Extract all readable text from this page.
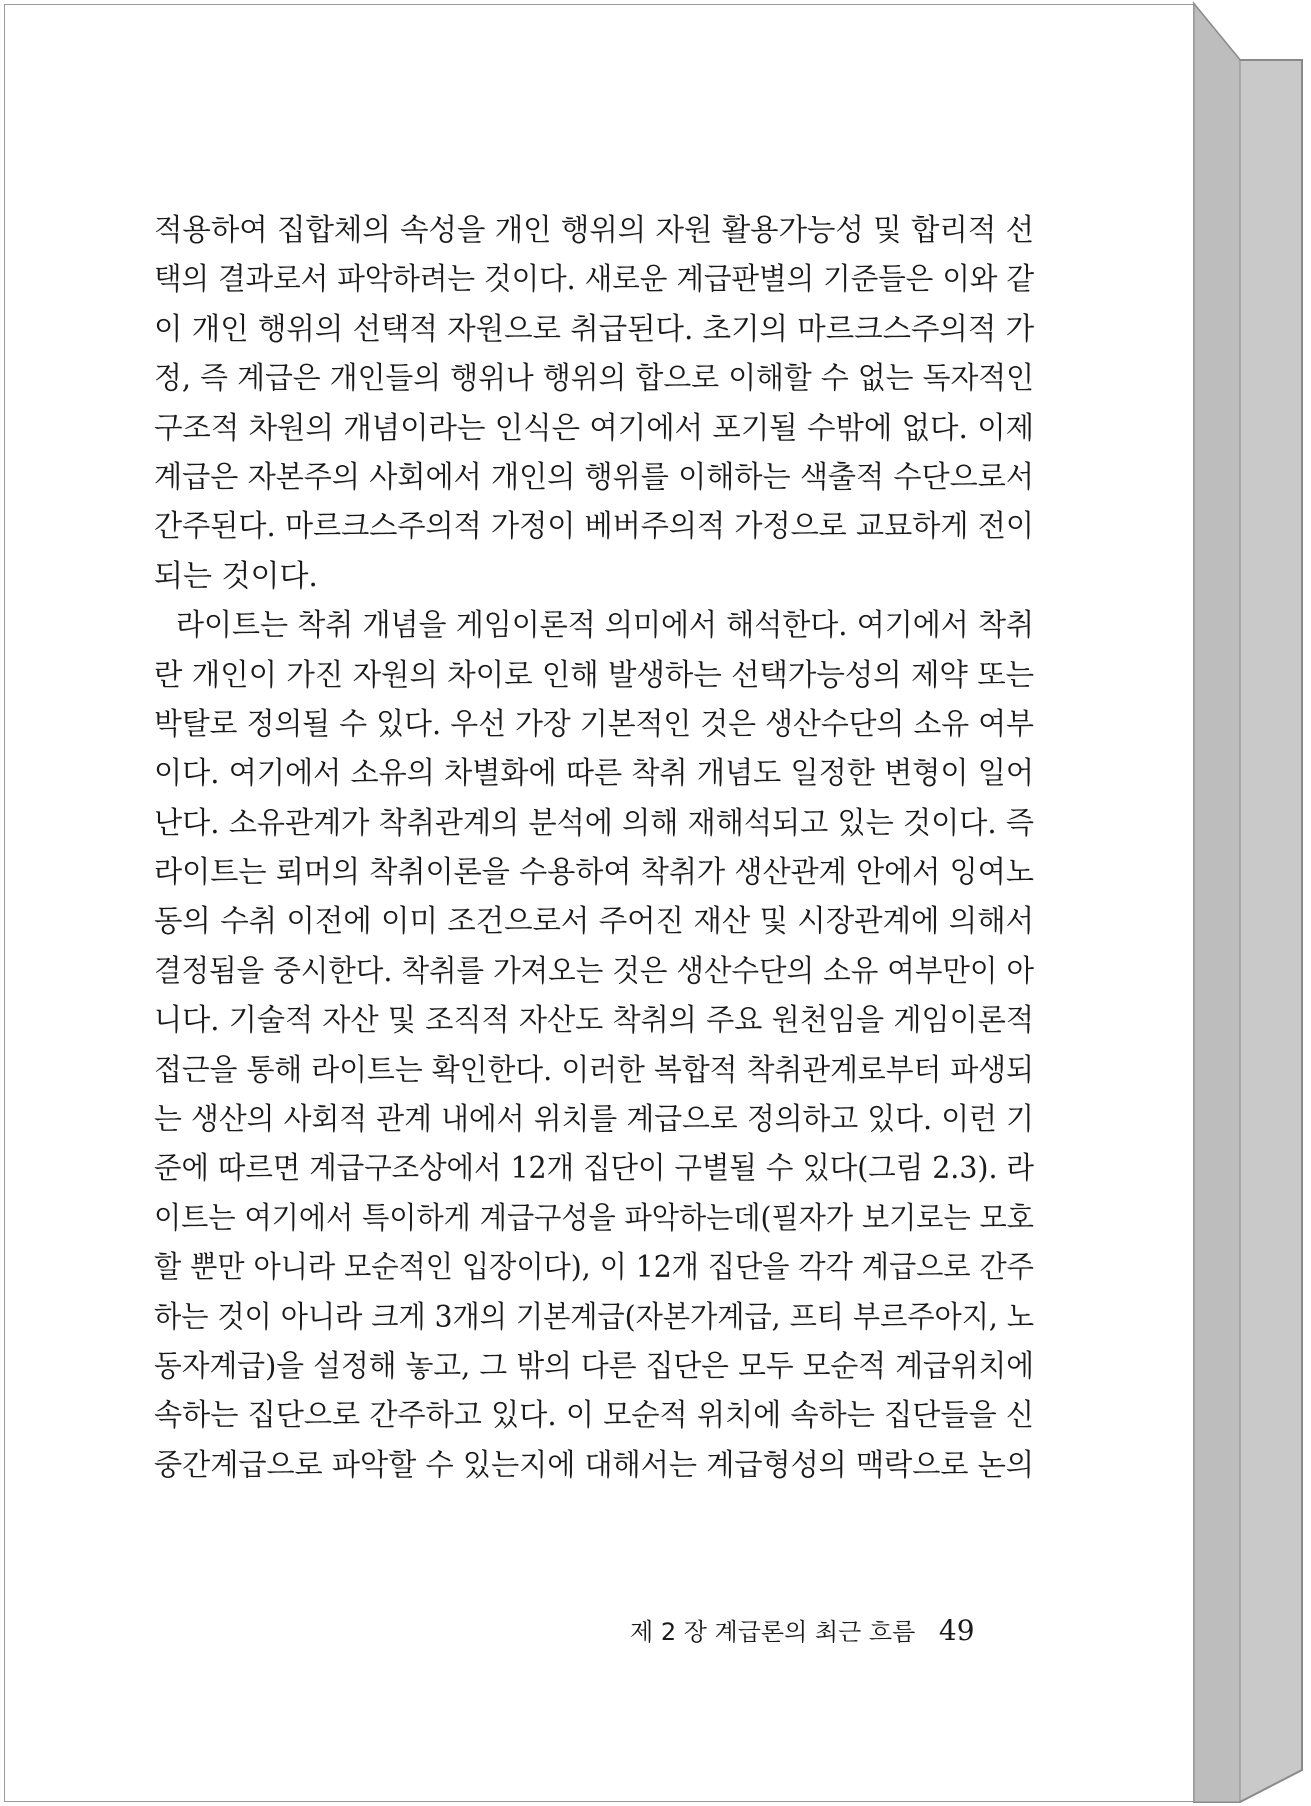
적용하여 집합체의 속성을 개인 행위의 자원 활용가능성 및 합리적 선
택의 결과로서 파악하려는 것이다. 새로운 계급판별의 기준들은 이와 같
이 개인 행위의 선택적 자원으로 취급된다. 초기의 마르크스주의적 가
정, 즉 계급은 개인들의 행위나 행위의 합으로 이해할 수 없는 독자적인
구조적 차원의 개념이라는 인식은 여기에서 포기될 수밖에 없다. 이제
계급은 자본주의 사회에서 개인의 행위를 이해하는 색출적 수단으로서
간주된다. 마르크스주의적 가정이 베버주의적 가정으로 교묘하게 전이
되는 것이다.
라이트는 착취 개념을 게임이론적 의미에서 해석한다. 여기에서 착취
란 개인이 가진 자원의 차이로 인해 발생하는 선택가능성의 제약 또는
박탈로 정의될 수 있다. 우선 가장 기본적인 것은 생산수단의 소유 여부
이다. 여기에서 소유의 차별화에 따른 착취 개념도 일정한 변형이 일어
난다. 소유관계가 착취관계의 분석에 의해 재해석되고 있는 것이다. 즉
라이트는 뢰머의 착취이론을 수용하여 착취가 생산관계 안에서 잉여노
동의 수취 이전에 이미 조건으로서 주어진 재산 및 시장관계에 의해서
결정됨을 중시한다. 착취를 가져오는 것은 생산수단의 소유 여부만이 아
니다. 기술적 자산 및 조직적 자산도 착취의 주요 원천임을 게임이론적
접근을 통해 라이트는 확인한다. 이러한 복합적 착취관계로부터 파생되
는 생산의 사회적 관계 내에서 위치를 계급으로 정의하고 있다. 이런 기
준에 따르면 계급구조상에서 12개 집단이 구별될 수 있다(그림 2.3). 라
이트는 여기에서 특이하게 계급구성을 파악하는데(필자가 보기로는 모호
할 뿐만 아니라 모순적인 입장이다), 이 12개 집단을 각각 계급으로 간주
하는 것이 아니라 크게 3개의 기본계급(자본가계급, 프티 부르주아지, 노
동자계급)을 설정해 놓고, 그 밖의 다른 집단은 모두 모순적 계급위치에
속하는 집단으로 간주하고 있다. 이 모순적 위치에 속하는 집단들을 신
중간계급으로 파악할 수 있는지에 대해서는 계급형성의 맥락으로 논의
제 2 장 계급론의 최근 흐름 49
